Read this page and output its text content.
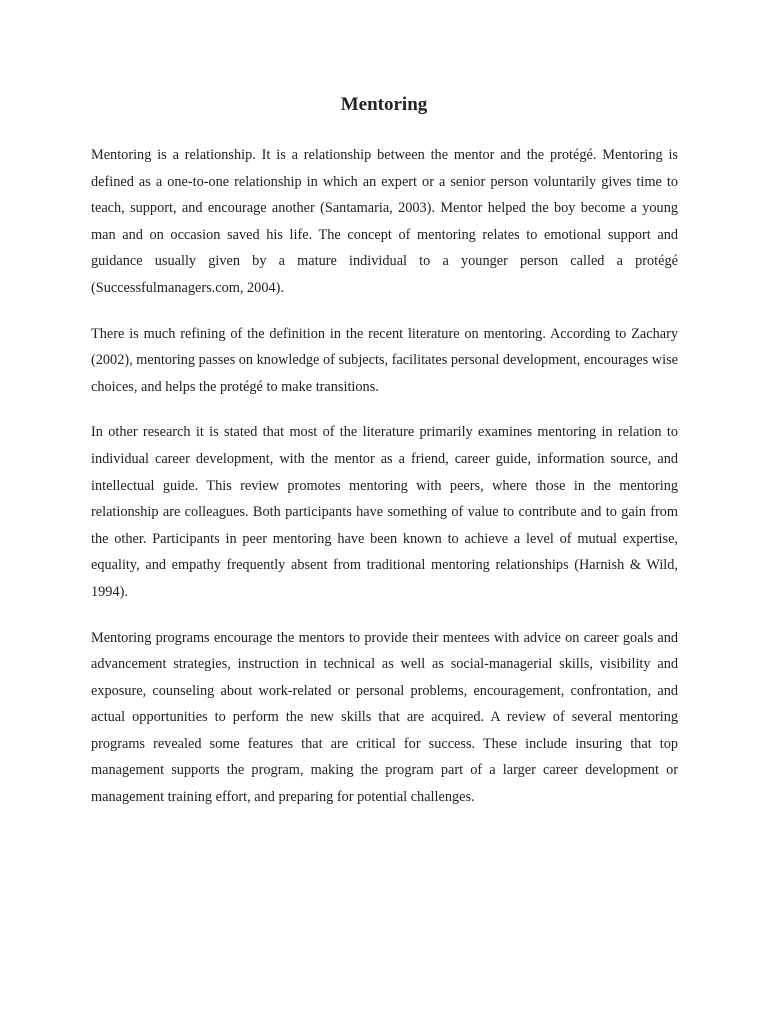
Mentoring

Mentoring is a relationship. It is a relationship between the mentor and the protégé. Mentoring is defined as a one-to-one relationship in which an expert or a senior person voluntarily gives time to teach, support, and encourage another (Santamaria, 2003). Mentor helped the boy become a young man and on occasion saved his life. The concept of mentoring relates to emotional support and guidance usually given by a mature individual to a younger person called a protégé (Successfulmanagers.com, 2004).

There is much refining of the definition in the recent literature on mentoring. According to Zachary (2002), mentoring passes on knowledge of subjects, facilitates personal development, encourages wise choices, and helps the protégé to make transitions.

In other research it is stated that most of the literature primarily examines mentoring in relation to individual career development, with the mentor as a friend, career guide, information source, and intellectual guide. This review promotes mentoring with peers, where those in the mentoring relationship are colleagues. Both participants have something of value to contribute and to gain from the other. Participants in peer mentoring have been known to achieve a level of mutual expertise, equality, and empathy frequently absent from traditional mentoring relationships (Harnish & Wild, 1994).

Mentoring programs encourage the mentors to provide their mentees with advice on career goals and advancement strategies, instruction in technical as well as social-managerial skills, visibility and exposure, counseling about work-related or personal problems, encouragement, confrontation, and actual opportunities to perform the new skills that are acquired. A review of several mentoring programs revealed some features that are critical for success. These include insuring that top management supports the program, making the program part of a larger career development or management training effort, and preparing for potential challenges.
